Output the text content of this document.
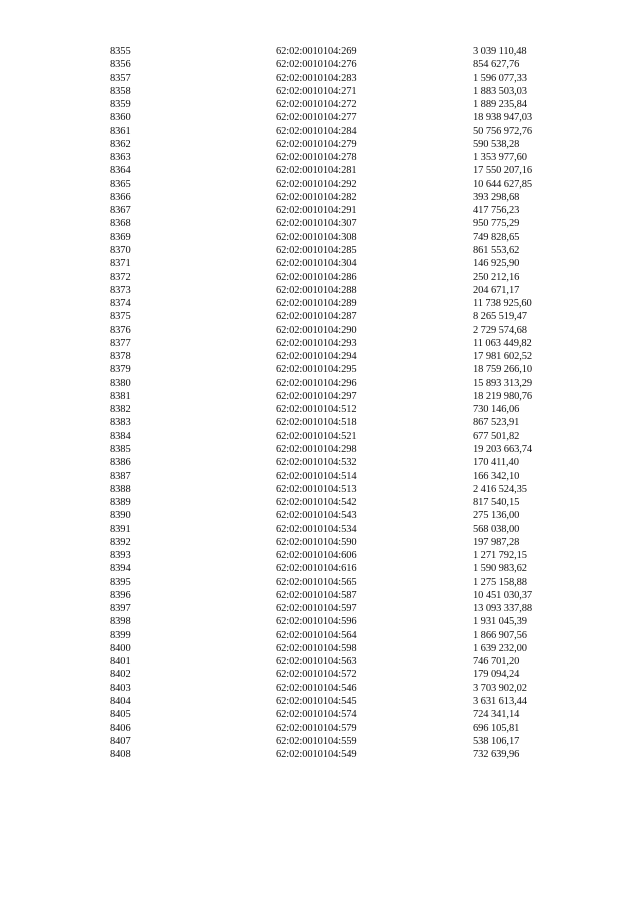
8355	62:02:0010104:269	3 039 110,48
8356	62:02:0010104:276	854 627,76
8357	62:02:0010104:283	1 596 077,33
8358	62:02:0010104:271	1 883 503,03
8359	62:02:0010104:272	1 889 235,84
8360	62:02:0010104:277	18 938 947,03
8361	62:02:0010104:284	50 756 972,76
8362	62:02:0010104:279	590 538,28
8363	62:02:0010104:278	1 353 977,60
8364	62:02:0010104:281	17 550 207,16
8365	62:02:0010104:292	10 644 627,85
8366	62:02:0010104:282	393 298,68
8367	62:02:0010104:291	417 756,23
8368	62:02:0010104:307	950 775,29
8369	62:02:0010104:308	749 828,65
8370	62:02:0010104:285	861 553,62
8371	62:02:0010104:304	146 925,90
8372	62:02:0010104:286	250 212,16
8373	62:02:0010104:288	204 671,17
8374	62:02:0010104:289	11 738 925,60
8375	62:02:0010104:287	8 265 519,47
8376	62:02:0010104:290	2 729 574,68
8377	62:02:0010104:293	11 063 449,82
8378	62:02:0010104:294	17 981 602,52
8379	62:02:0010104:295	18 759 266,10
8380	62:02:0010104:296	15 893 313,29
8381	62:02:0010104:297	18 219 980,76
8382	62:02:0010104:512	730 146,06
8383	62:02:0010104:518	867 523,91
8384	62:02:0010104:521	677 501,82
8385	62:02:0010104:298	19 203 663,74
8386	62:02:0010104:532	170 411,40
8387	62:02:0010104:514	166 342,10
8388	62:02:0010104:513	2 416 524,35
8389	62:02:0010104:542	817 540,15
8390	62:02:0010104:543	275 136,00
8391	62:02:0010104:534	568 038,00
8392	62:02:0010104:590	197 987,28
8393	62:02:0010104:606	1 271 792,15
8394	62:02:0010104:616	1 590 983,62
8395	62:02:0010104:565	1 275 158,88
8396	62:02:0010104:587	10 451 030,37
8397	62:02:0010104:597	13 093 337,88
8398	62:02:0010104:596	1 931 045,39
8399	62:02:0010104:564	1 866 907,56
8400	62:02:0010104:598	1 639 232,00
8401	62:02:0010104:563	746 701,20
8402	62:02:0010104:572	179 094,24
8403	62:02:0010104:546	3 703 902,02
8404	62:02:0010104:545	3 631 613,44
8405	62:02:0010104:574	724 341,14
8406	62:02:0010104:579	696 105,81
8407	62:02:0010104:559	538 106,17
8408	62:02:0010104:549	732 639,96
